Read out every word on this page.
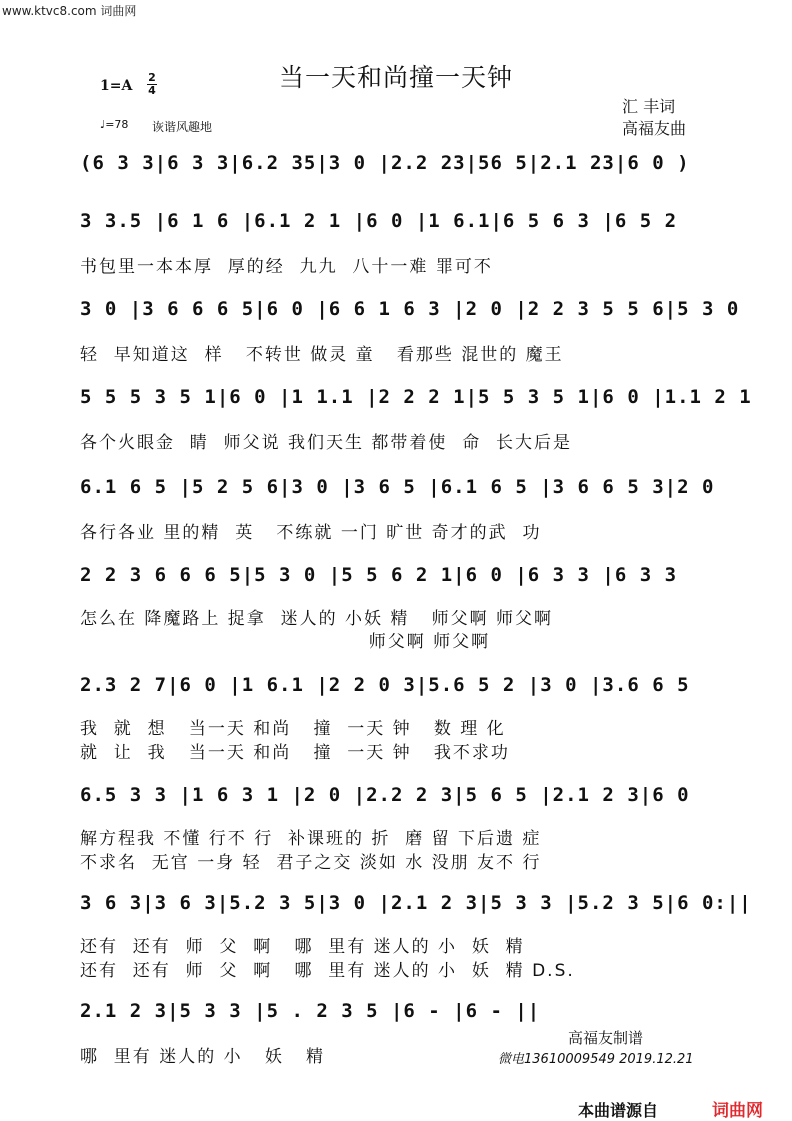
www.ktvc8.com 词曲网
当一天和尚撞一天钟
1=A
2
4
♩=78 诙谐风趣地
汇 丰词
高福友曲
(6 3 3|6 3 3|6.2 35|3 0 |2.2 23|56 5|2.1 23|6 0 )
3 3.5 |6 1 6 |6.1 2 1 |6 0 |1 6.1|6 5 6 3 |6 5 2
书包里一本本厚  厚的经  九九  八十一难 罪可不
3 0 |3 6 6 6 5|6 0 |6 6 1 6 3 |2 0 |2 2 3 5 5 6|5 3 0
轻  早知道这  样   不转世 做灵 童   看那些 混世的 魔王
5 5 5 3 5 1|6 0 |1 1.1 |2 2 2 1|5 5 3 5 1|6 0 |1.1 2 1
各个火眼金  睛  师父说 我们天生 都带着使  命  长大后是
6.1 6 5 |5 2 5 6|3 0 |3 6 5 |6.1 6 5 |3 6 6 5 3|2 0
各行各业 里的精  英   不练就 一门 旷世 奇才的武  功
2 2 3 6 6 6 5|5 3 0 |5 5 6 2 1|6 0 |6 3 3 |6 3 3
怎么在 降魔路上 捉拿  迷人的 小妖 精   师父啊 师父啊
师父啊 师父啊
2.3 2 7|6 0 |1 6.1 |2 2 0 3|5.6 5 2 |3 0 |3.6 6 5
我  就  想   当一天 和尚   撞  一天 钟   数 理 化
就  让  我   当一天 和尚   撞  一天 钟   我不求功
6.5 3 3 |1 6 3 1 |2 0 |2.2 2 3|5 6 5 |2.1 2 3|6 0
解方程我 不懂 行不 行  补课班的 折  磨 留 下后遗 症
不求名  无官 一身 轻  君子之交 淡如 水 没朋 友不 行
3 6 3|3 6 3|5.2 3 5|3 0 |2.1 2 3|5 3 3 |5.2 3 5|6 0:||
还有  还有  师  父  啊   哪  里有 迷人的 小  妖  精
还有  还有  师  父  啊   哪  里有 迷人的 小  妖  精 D.S.
2.1 2 3|5 3 3 |5 . 2 3 5 |6 - |6 - ||
哪  里有 迷人的 小   妖   精
高福友制谱
微电13610009549 2019.12.21
本曲谱源自	词曲网
